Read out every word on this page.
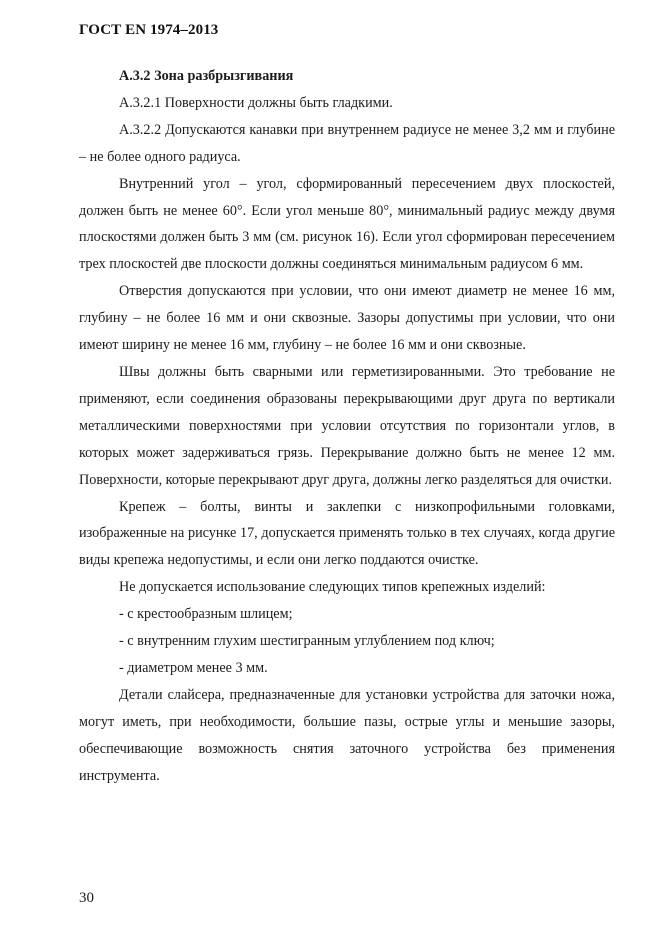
ГОСТ EN 1974–2013

А.3.2 Зона разбрызгивания

А.3.2.1 Поверхности должны быть гладкими.

А.3.2.2 Допускаются канавки при внутреннем радиусе не менее 3,2 мм и глубине – не более одного радиуса.

Внутренний угол – угол, сформированный пересечением двух плоскостей, должен быть не менее 60°. Если угол меньше 80°, минимальный радиус между двумя плоскостями должен быть 3 мм (см. рисунок 16). Если угол сформирован пересечением трех плоскостей две плоскости должны соединяться минимальным радиусом 6 мм.

Отверстия допускаются при условии, что они имеют диаметр не менее 16 мм, глубину – не более 16 мм и они сквозные. Зазоры допустимы при условии, что они имеют ширину не менее 16 мм, глубину – не более 16 мм и они сквозные.

Швы должны быть сварными или герметизированными. Это требование не применяют, если соединения образованы перекрывающими друг друга по вертикали металлическими поверхностями при условии отсутствия по горизонтали углов, в которых может задерживаться грязь. Перекрывание должно быть не менее 12 мм. Поверхности, которые перекрывают друг друга, должны легко разделяться для очистки.

Крепеж – болты, винты и заклепки с низкопрофильными головками, изображенные на рисунке 17, допускается применять только в тех случаях, когда другие виды крепежа недопустимы, и если они легко поддаются очистке.

Не допускается использование следующих типов крепежных изделий:

- с крестообразным шлицем;

- с внутренним глухим шестигранным углублением под ключ;

- диаметром менее 3 мм.

Детали слайсера, предназначенные для установки устройства для заточки ножа, могут иметь, при необходимости, большие пазы, острые углы и меньшие зазоры, обеспечивающие возможность снятия заточного устройства без применения инструмента.

30
